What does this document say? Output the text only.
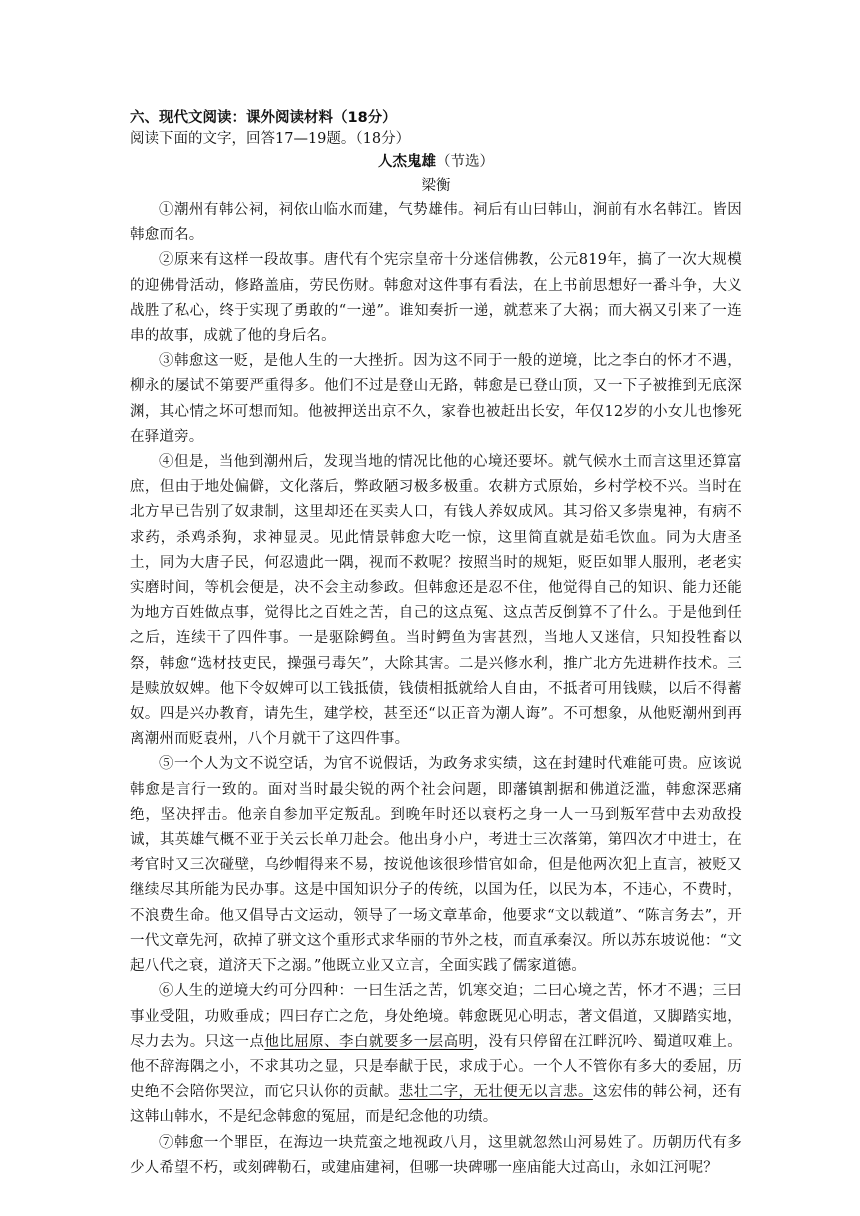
六、现代文阅读：课外阅读材料（18分）

阅读下面的文字，回答17—19题。（18分）

人杰鬼雄（节选）

梁衡

①潮州有韩公祠，祠依山临水而建，气势雄伟。祠后有山曰韩山，涧前有水名韩江。皆因韩愈而名。

②原来有这样一段故事。唐代有个宪宗皇帝十分迷信佛教，公元819年，搞了一次大规模的迎佛骨活动，修路盖庙，劳民伤财。韩愈对这件事有看法，在上书前思想好一番斗争，大义战胜了私心，终于实现了勇敢的“一递”。谁知奏折一递，就惹来了大祸；而大祸又引来了一连串的故事，成就了他的身后名。

③韩愈这一贬，是他人生的一大挫折。因为这不同于一般的逆境，比之李白的怀才不遇，柳永的屡试不第要严重得多。他们不过是登山无路，韩愈是已登山顶，又一下子被推到无底深渊，其心情之坏可想而知。他被押送出京不久，家眷也被赶出长安，年仅12岁的小女儿也惨死在驿道旁。

④但是，当他到潮州后，发现当地的情况比他的心境还要坏。就气候水土而言这里还算富庶，但由于地处偏僻，文化落后，弊政陋习极多极重。农耕方式原始，乡村学校不兴。当时在北方早已告别了奴隶制，这里却还在买卖人口，有钱人养奴成风。其习俗又多崇鬼神，有病不求药，杀鸡杀狗，求神显灵。见此情景韩愈大吃一惊，这里简直就是茹毛饮血。同为大唐圣土，同为大唐子民，何忍遗此一隅，视而不救呢？按照当时的规矩，贬臣如罪人服刑，老老实实磨时间，等机会便是，决不会主动参政。但韩愈还是忍不住，他觉得自己的知识、能力还能为地方百姓做点事，觉得比之百姓之苦，自己的这点冤、这点苦反倒算不了什么。于是他到任之后，连续干了四件事。一是驱除鳄鱼。当时鳄鱼为害甚烈，当地人又迷信，只知投牲畜以祭，韩愈“选材技吏民，操强弓毒矢”，大除其害。二是兴修水利，推广北方先进耕作技术。三是赎放奴婢。他下令奴婢可以工钱抵债，钱债相抵就给人自由，不抵者可用钱赎，以后不得蓄奴。四是兴办教育，请先生，建学校，甚至还“以正音为潮人诲”。不可想象，从他贬潮州到再离潮州而贬袁州，八个月就干了这四件事。

⑤一个人为文不说空话，为官不说假话，为政务求实绩，这在封建时代难能可贵。应该说韩愈是言行一致的。面对当时最尖锐的两个社会问题，即藩镇割据和佛道泛滥，韩愈深恶痛绝，坚决抨击。他亲自参加平定叛乱。到晚年时还以衰朽之身一人一马到叛军营中去劝敌投诚，其英雄气概不亚于关云长单刀赴会。他出身小户，考进士三次落第，第四次才中进士，在考官时又三次碰壁，乌纱帽得来不易，按说他该很珍惜官如命，但是他两次犯上直言，被贬又继续尽其所能为民办事。这是中国知识分子的传统，以国为任，以民为本，不违心，不费时，不浪费生命。他又倡导古文运动，领导了一场文章革命，他要求“文以载道”、“陈言务去”，开一代文章先河，砍掉了骈文这个重形式求华丽的节外之枝，而直承秦汉。所以苏东坡说他：“文起八代之衰，道济天下之溺。”他既立业又立言，全面实践了儒家道德。

⑥人生的逆境大约可分四种：一曰生活之苦，饥寒交迫；二曰心境之苦，怀才不遇；三曰事业受阻，功败垂成；四曰存亡之危，身处绝境。韩愈既见心明志，著文倡道，又脚踏实地，尽力去为。只这一点他比屈原、李白就要多一层高明，没有只停留在江畔沉吟、蜀道叹难上。他不辞海隅之小，不求其功之显，只是奉献于民，求成于心。一个人不管你有多大的委屈，历史绝不会陪你哭泣，而它只认你的贡献。悲壮二字，无壮便无以言悲。这宏伟的韩公祠，还有这韩山韩水，不是纪念韩愈的冤屈，而是纪念他的功绩。

⑦韩愈一个罪臣，在海边一块荒蛮之地视政八月，这里就忽然山河易姓了。历朝历代有多少人希望不朽，或刻碑勒石，或建庙建祠，但哪一块碑哪一座庙能大过高山，永如江河呢？
